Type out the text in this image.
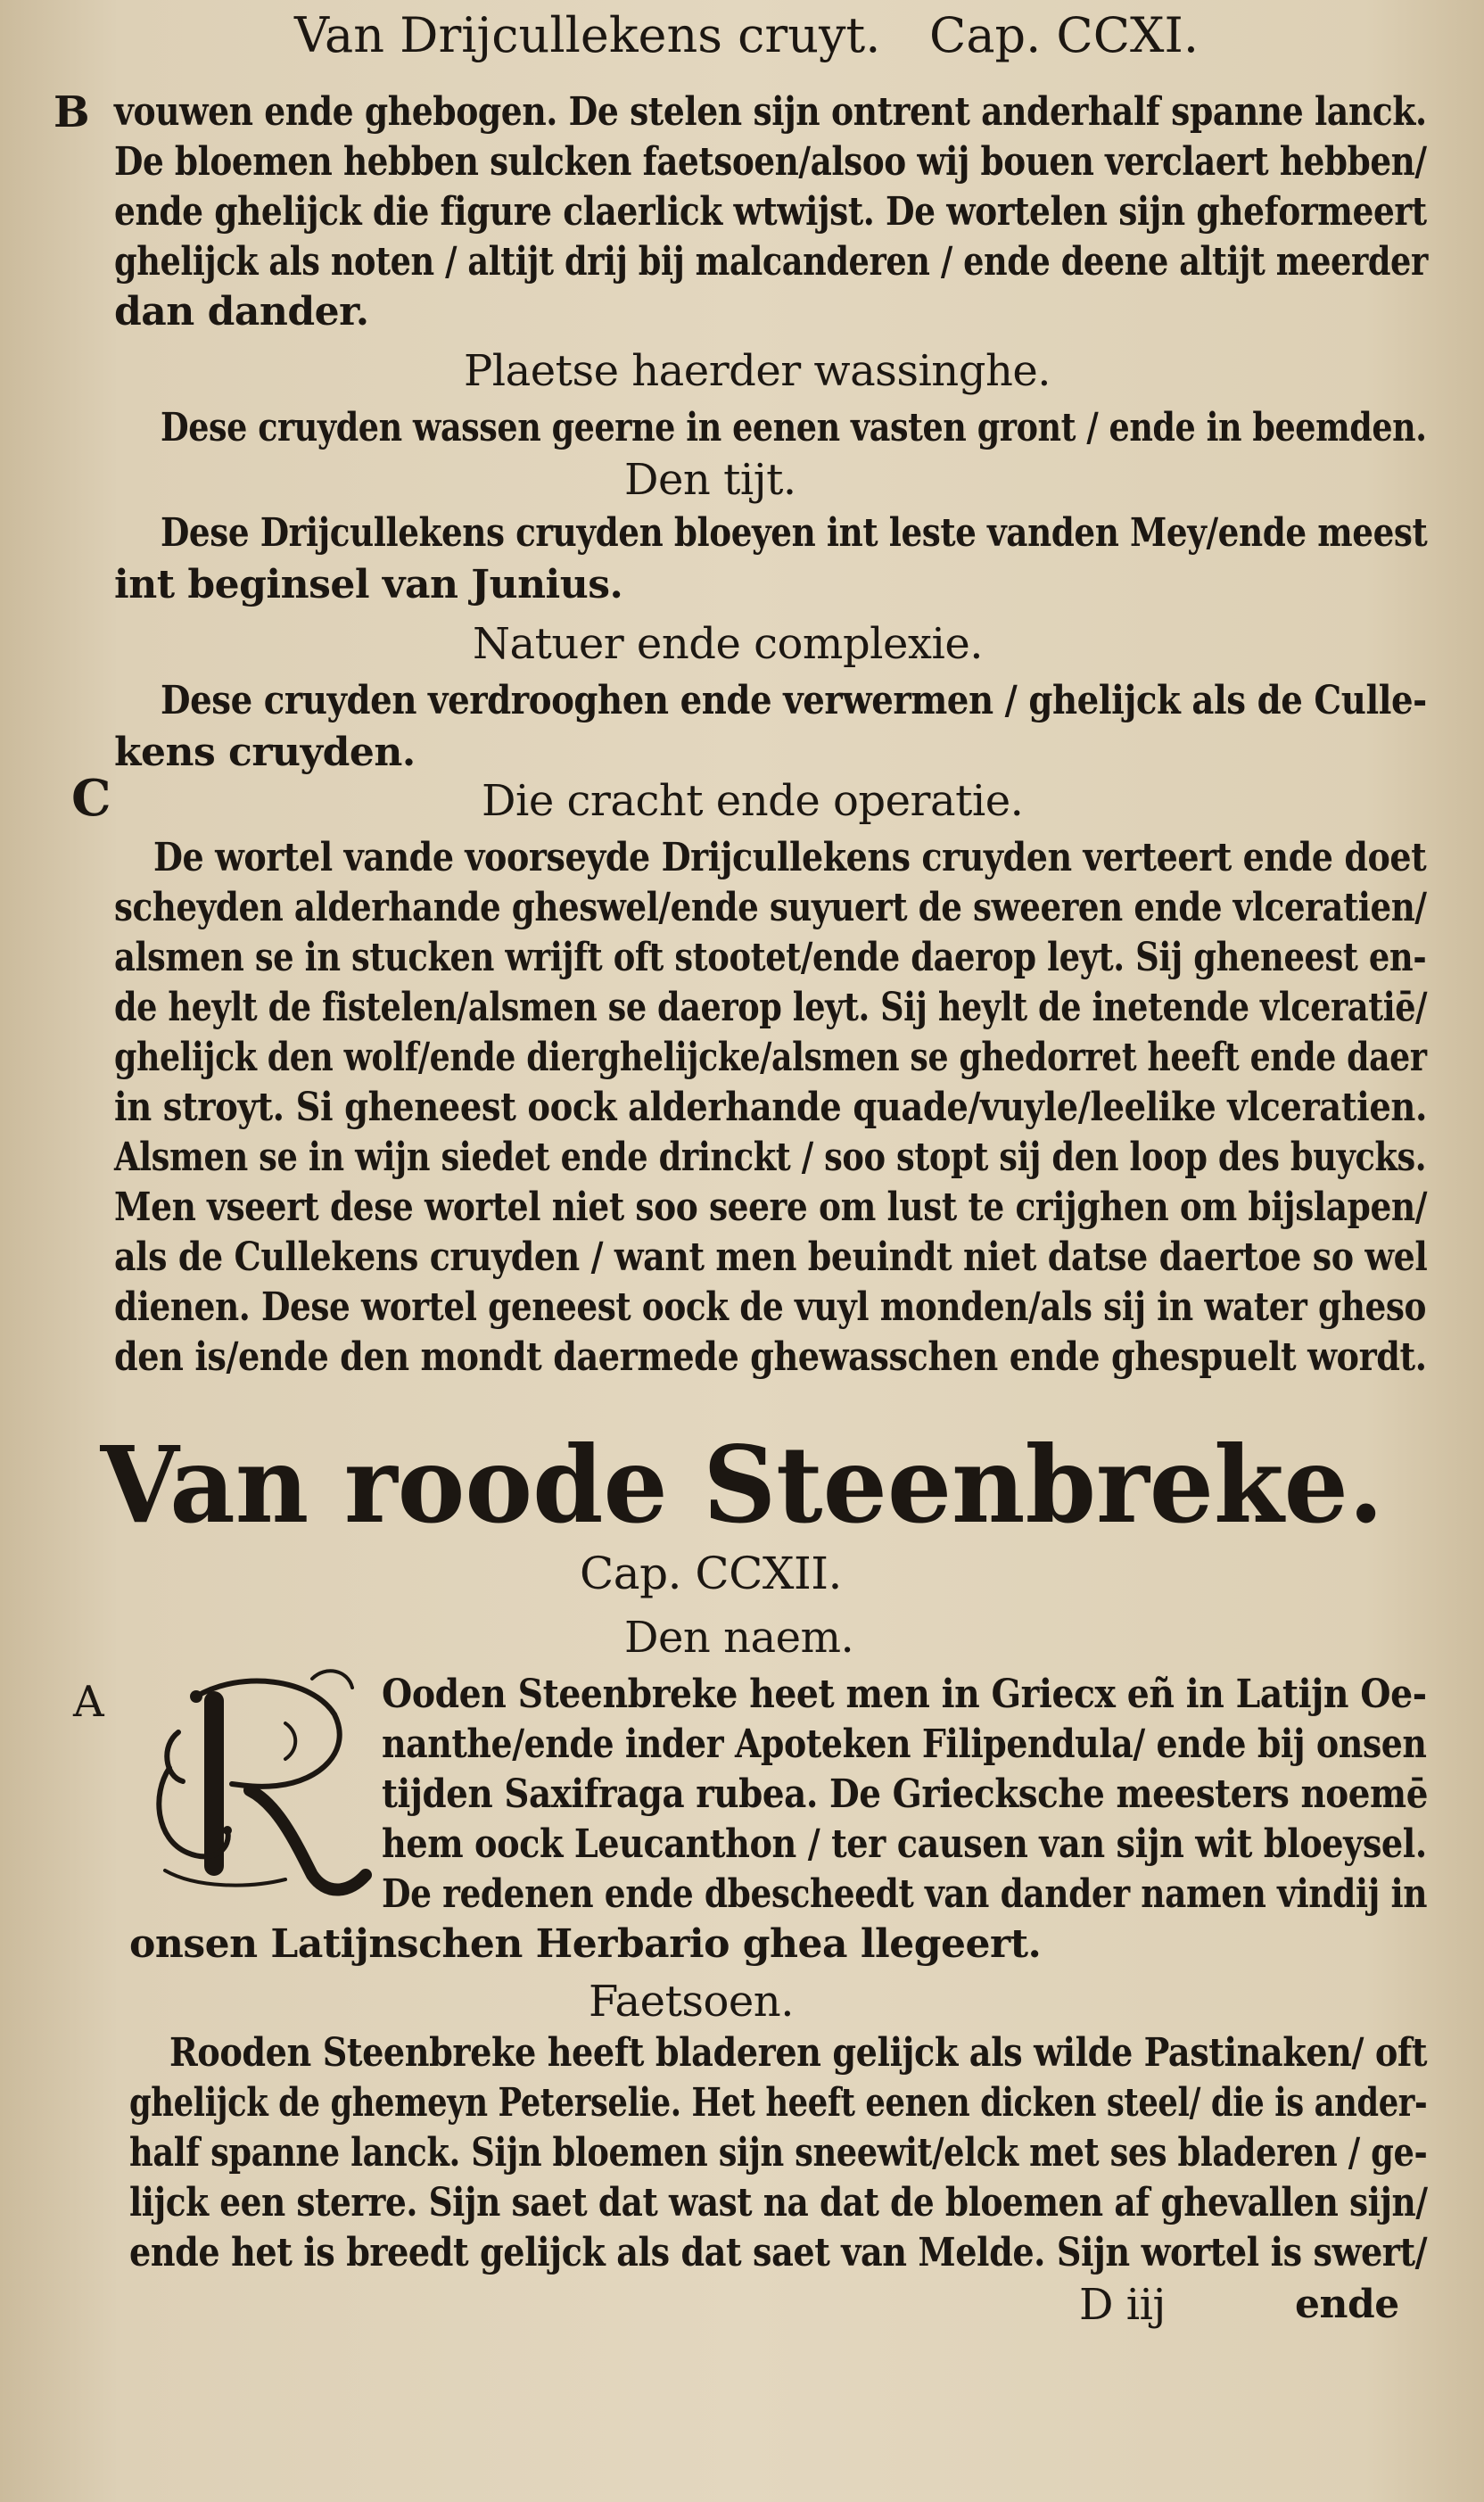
Van Drijcullekens cruyt. Cap. CCXI.
B
C
A
vouwen ende ghebogen. De stelen sijn ontrent anderhalf spanne lanck.
De bloemen hebben sulcken faetsoen/alsoo wij bouen verclaert hebben/
ende ghelijck die figure claerlick wtwijst. De wortelen sijn gheformeert
ghelijck als noten / altijt drij bij malcanderen / ende deene altijt meerder
dan dander.
Plaetse haerder wassinghe.
Dese cruyden wassen geerne in eenen vasten gront / ende in beemden.
Den tijt.
Dese Drijcullekens cruyden bloeyen int leste vanden Mey/ende meest
int beginsel van Junius.
Natuer ende complexie.
Dese cruyden verdrooghen ende verwermen / ghelijck als de Culle-
kens cruyden.
Die cracht ende operatie.
De wortel vande voorseyde Drijcullekens cruyden verteert ende doet
scheyden alderhande gheswel/ende suyuert de sweeren ende vlceratien/
alsmen se in stucken wrijft oft stootet/ende daerop leyt. Sij gheneest en-
de heylt de fistelen/alsmen se daerop leyt. Sij heylt de inetende vlceratiē/
ghelijck den wolf/ende dierghelijcke/alsmen se ghedorret heeft ende daer
in stroyt. Si gheneest oock alderhande quade/vuyle/leelike vlceratien.
Alsmen se in wijn siedet ende drinckt / soo stopt sij den loop des buycks.
Men vseert dese wortel niet soo seere om lust te crijghen om bijslapen/
als de Cullekens cruyden / want men beuindt niet datse daertoe so wel
dienen. Dese wortel geneest oock de vuyl monden/als sij in water gheso
den is/ende den mondt daermede ghewasschen ende ghespuelt wordt.
Van roode Steenbreke.
Cap. CCXII.
Den naem.
Ooden Steenbreke heet men in Griecx eñ in Latijn Oe-
nanthe/ende inder Apoteken Filipendula/ ende bij onsen
tijden Saxifraga rubea. De Griecksche meesters noemē
hem oock Leucanthon / ter causen van sijn wit bloeysel.
De redenen ende dbescheedt van dander namen vindij in
onsen Latijnschen Herbario ghea llegeert.
Faetsoen.
Rooden Steenbreke heeft bladeren gelijck als wilde Pastinaken/ oft
ghelijck de ghemeyn Peterselie. Het heeft eenen dicken steel/ die is ander-
half spanne lanck. Sijn bloemen sijn sneewit/elck met ses bladeren / ge-
lijck een sterre. Sijn saet dat wast na dat de bloemen af ghevallen sijn/
ende het is breedt gelijck als dat saet van Melde. Sijn wortel is swert/
D iij	ende
